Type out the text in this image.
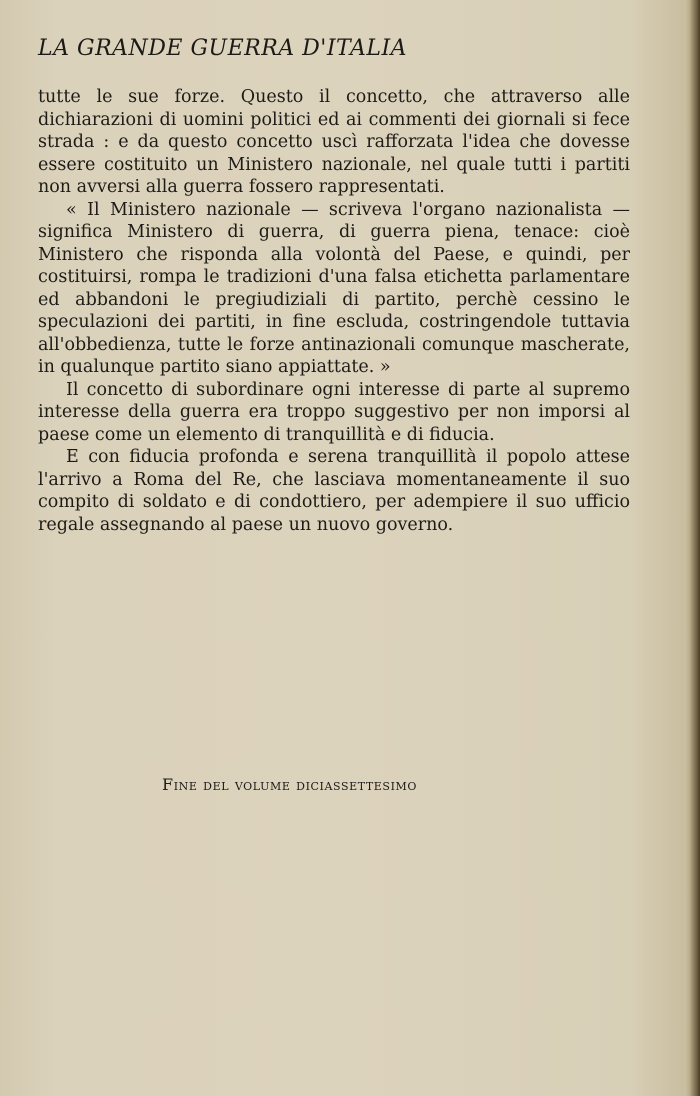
LA GRANDE GUERRA D'ITALIA

tutte le sue forze. Questo il concetto, che attraverso alle dichiarazioni di uomini politici ed ai commenti dei giornali si fece strada : e da questo concetto uscì rafforzata l'idea che dovesse essere costituito un Ministero nazionale, nel quale tutti i partiti non avversi alla guerra fossero rappresentati.

« Il Ministero nazionale — scriveva l'organo nazionalista — significa Ministero di guerra, di guerra piena, tenace: cioè Ministero che risponda alla volontà del Paese, e quindi, per costituirsi, rompa le tradizioni d'una falsa etichetta parlamentare ed abbandoni le pregiudiziali di partito, perchè cessino le speculazioni dei partiti, in fine escluda, costringendole tuttavia all'obbedienza, tutte le forze antinazionali comunque mascherate, in qualunque partito siano appiattate. »

Il concetto di subordinare ogni interesse di parte al supremo interesse della guerra era troppo suggestivo per non imporsi al paese come un elemento di tranquillità e di fiducia.

E con fiducia profonda e serena tranquillità il popolo attese l'arrivo a Roma del Re, che lasciava momentaneamente il suo compito di soldato e di condottiero, per adempiere il suo ufficio regale assegnando al paese un nuovo governo.

Fine del volume diciassettesimo
